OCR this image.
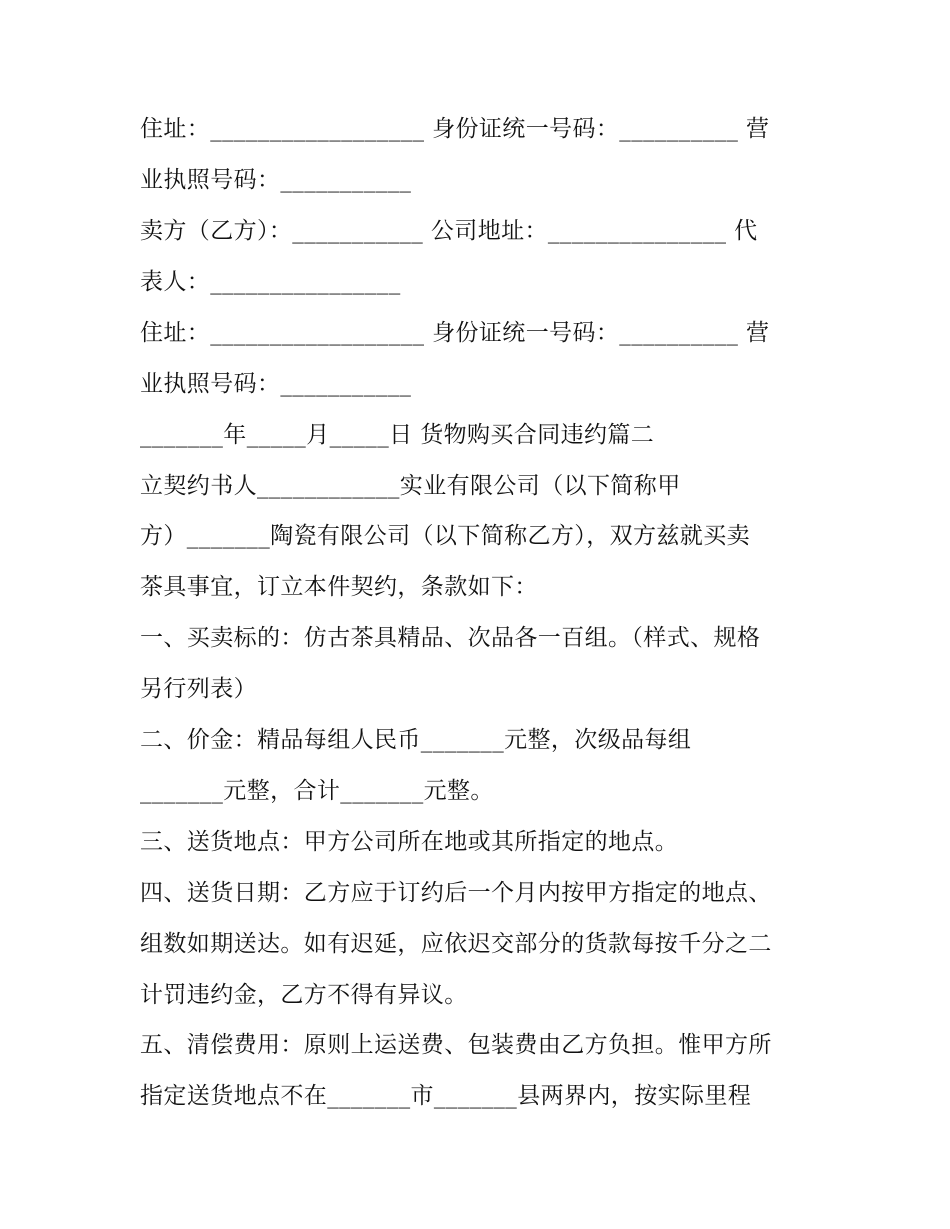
住址：__________________ 身份证统一号码：__________ 营
业执照号码：___________
卖方（乙方）：___________ 公司地址：_______________ 代
表人：________________
住址：__________________ 身份证统一号码：__________ 营
业执照号码：___________
_______年_____月_____日 货物购买合同违约篇二
立契约书人____________实业有限公司（以下简称甲
方）_______陶瓷有限公司（以下简称乙方），双方兹就买卖
茶具事宜，订立本件契约，条款如下：
一、买卖标的：仿古茶具精品、次品各一百组。（样式、规格
另行列表）
二、价金：精品每组人民币_______元整，次级品每组
_______元整，合计_______元整。
三、送货地点：甲方公司所在地或其所指定的地点。
四、送货日期：乙方应于订约后一个月内按甲方指定的地点、
组数如期送达。如有迟延，应依迟交部分的货款每按千分之二
计罚违约金，乙方不得有异议。
五、清偿费用：原则上运送费、包装费由乙方负担。惟甲方所
指定送货地点不在_______市_______县两界内，按实际里程
